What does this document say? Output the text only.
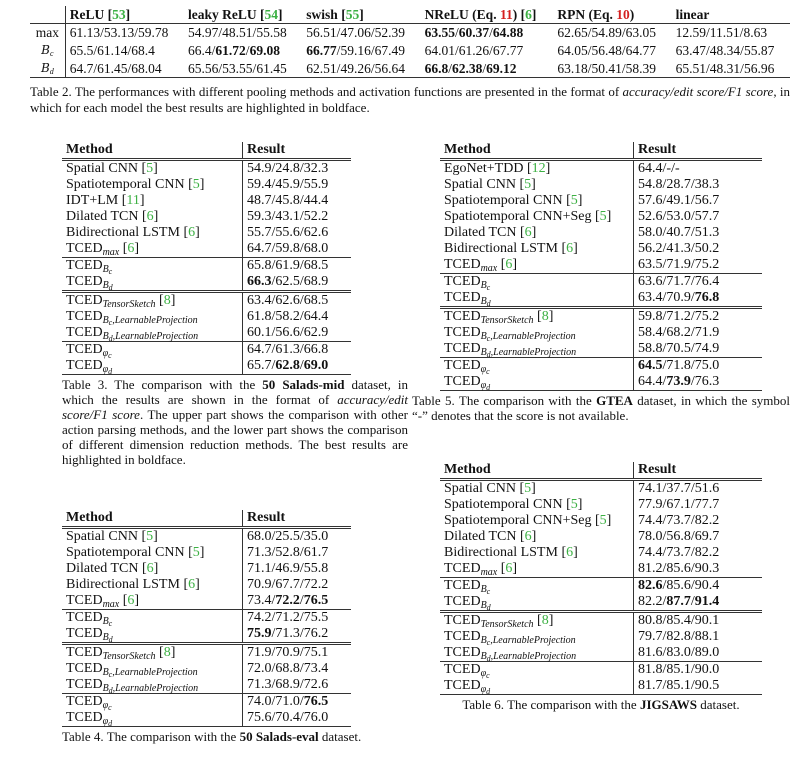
	ReLU [53]	leaky ReLU [54]	swish [55]	NReLU (Eq. 11) [6]	RPN (Eq. 10)	linear
max	61.13/53.13/59.78	54.97/48.51/55.58	56.51/47.06/52.39	63.55/60.37/64.88	62.65/54.89/63.05	12.59/11.51/8.63
Bc	65.5/61.14/68.4	66.4/61.72/69.08	66.77/59.16/67.49	64.01/61.26/67.77	64.05/56.48/64.77	63.47/48.34/55.87
Bd	64.7/61.45/68.04	65.56/53.55/61.45	62.51/49.26/56.64	66.8/62.38/69.12	63.18/50.41/58.39	65.51/48.31/56.96
Table 2. The performances with different pooling methods and activation functions are presented in the format of accuracy/edit score/F1 score, in which for each model the best results are highlighted in boldface.
Method	Result
Spatial CNN [5]	54.9/24.8/32.3
Spatiotemporal CNN [5]	59.4/45.9/55.9
IDT+LM [11]	48.7/45.8/44.4
Dilated TCN [6]	59.3/43.1/52.2
Bidirectional LSTM [6]	55.7/55.6/62.6
$TCED_{max}$ [6]	64.7/59.8/68.0
$TCED_{B_c}$	65.8/61.9/68.5
$TCED_{B_d}$	66.3/62.5/68.9
$TCED_{TensorSketch}$ [8]	63.4/62.6/68.5
$TCED_{B_c,LearnableProjection}$	61.8/58.2/64.4
$TCED_{B_d,LearnableProjection}$	60.1/56.6/62.9
$TCED_{\varphi_c}$	64.7/61.3/66.8
$TCED_{\varphi_d}$	65.7/62.8/69.0
Table 3. The comparison with the 50 Salads-mid dataset, in which the results are shown in the format of accuracy/edit score/F1 score. The upper part shows the comparison with other action parsing methods, and the lower part shows the comparison of different dimension reduction methods. The best results are highlighted in boldface.
Method	Result
EgoNet+TDD [12]	64.4/-/-
Spatial CNN [5]	54.8/28.7/38.3
Spatiotemporal CNN [5]	57.6/49.1/56.7
Spatiotemporal CNN+Seg [5]	52.6/53.0/57.7
Dilated TCN [6]	58.0/40.7/51.3
Bidirectional LSTM [6]	56.2/41.3/50.2
$TCED_{max}$ [6]	63.5/71.9/75.2
$TCED_{B_c}$	63.6/71.7/76.4
$TCED_{B_d}$	63.4/70.9/76.8
$TCED_{TensorSketch}$ [8]	59.8/71.2/75.2
$TCED_{B_c,LearnableProjection}$	58.4/68.2/71.9
$TCED_{B_d,LearnableProjection}$	58.8/70.5/74.9
$TCED_{\varphi_c}$	64.5/71.8/75.0
$TCED_{\varphi_d}$	64.4/73.9/76.3
Table 5. The comparison with the GTEA dataset, in which the symbol “-” denotes that the score is not available.
Method	Result
Spatial CNN [5]	68.0/25.5/35.0
Spatiotemporal CNN [5]	71.3/52.8/61.7
Dilated TCN [6]	71.1/46.9/55.8
Bidirectional LSTM [6]	70.9/67.7/72.2
$TCED_{max}$ [6]	73.4/72.2/76.5
$TCED_{B_c}$	74.2/71.2/75.5
$TCED_{B_d}$	75.9/71.3/76.2
$TCED_{TensorSketch}$ [8]	71.9/70.9/75.1
$TCED_{B_c,LearnableProjection}$	72.0/68.8/73.4
$TCED_{B_d,LearnableProjection}$	71.3/68.9/72.6
$TCED_{\varphi_c}$	74.0/71.0/76.5
$TCED_{\varphi_d}$	75.6/70.4/76.0
Table 4. The comparison with the 50 Salads-eval dataset.
Method	Result
Spatial CNN [5]	74.1/37.7/51.6
Spatiotemporal CNN [5]	77.9/67.1/77.7
Spatiotemporal CNN+Seg [5]	74.4/73.7/82.2
Dilated TCN [6]	78.0/56.8/69.7
Bidirectional LSTM [6]	74.4/73.7/82.2
$TCED_{max}$ [6]	81.2/85.6/90.3
$TCED_{B_c}$	82.6/85.6/90.4
$TCED_{B_d}$	82.2/87.7/91.4
$TCED_{TensorSketch}$ [8]	80.8/85.4/90.1
$TCED_{B_c,LearnableProjection}$	79.7/82.8/88.1
$TCED_{B_d,LearnableProjection}$	81.6/83.0/89.0
$TCED_{\varphi_c}$	81.8/85.1/90.0
$TCED_{\varphi_d}$	81.7/85.1/90.5
Table 6. The comparison with the JIGSAWS dataset.
